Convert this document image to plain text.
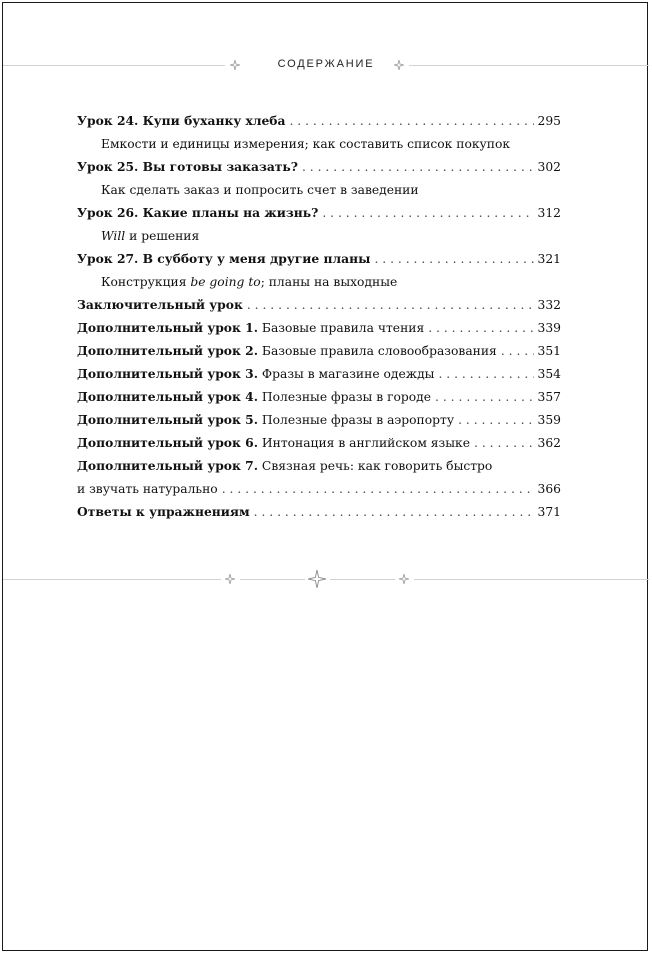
СОДЕРЖАНИЕ
Урок 24. Купи буханку хлеба . . .	295
Емкости и единицы измерения; как составить список покупок
Урок 25. Вы готовы заказать? . . .	302
Как сделать заказ и попросить счет в заведении
Урок 26. Какие планы на жизнь? . . .	312
Will и решения
Урок 27. В субботу у меня другие планы . . .	321
Конструкция be going to ; планы на выходные
Заключительный урок . . .	332
Дополнительный урок 1. Базовые правила чтения . . .	339
Дополнительный урок 2. Базовые правила словообразования . . .	351
Дополнительный урок 3. Фразы в магазине одежды . . .	354
Дополнительный урок 4. Полезные фразы в городе . . .	357
Дополнительный урок 5. Полезные фразы в аэропорту . . .	359
Дополнительный урок 6. Интонация в английском языке . . .	362
Дополнительный урок 7. Связная речь: как говорить быстро
и звучать натурально . . .	366
Ответы к упражнениям . . .	371
